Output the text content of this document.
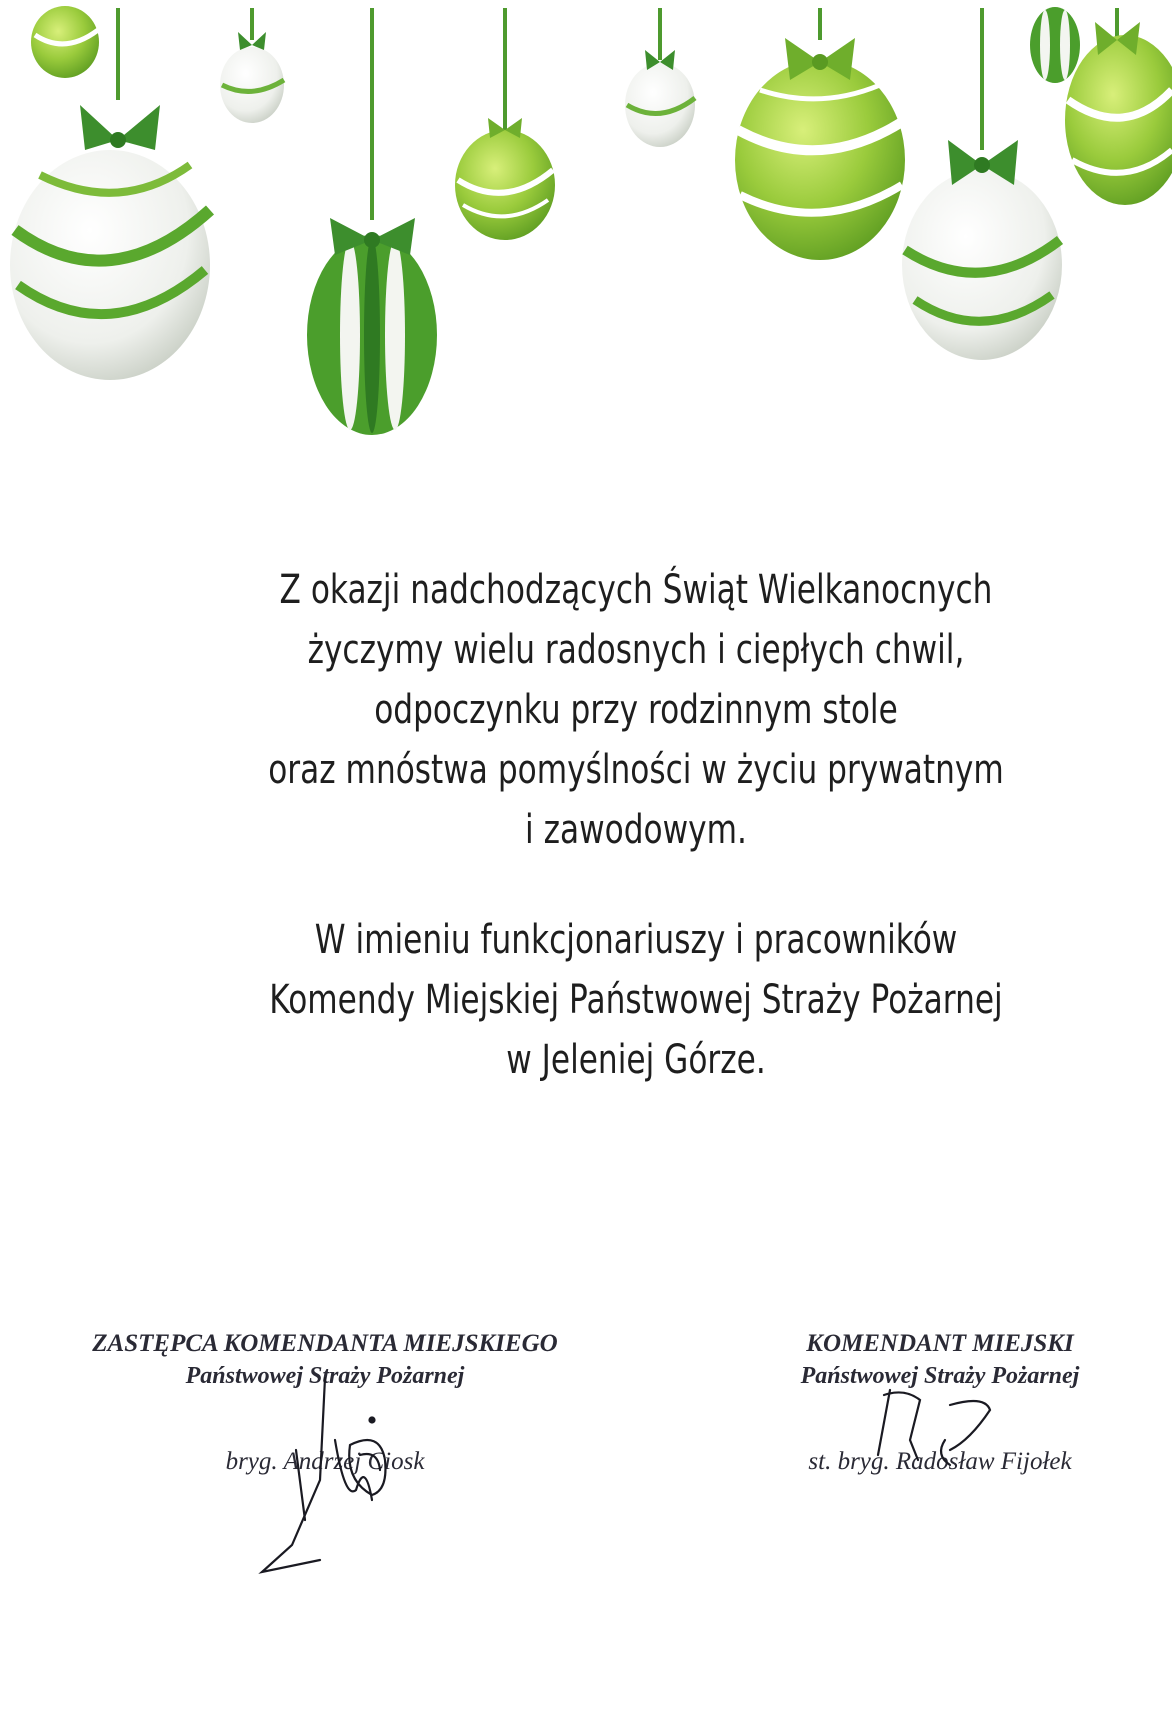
Z okazji nadchodzących Świąt Wielkanocnych
życzymy wielu radosnych i ciepłych chwil,
odpoczynku przy rodzinnym stole
oraz mnóstwa pomyślności w życiu prywatnym
i zawodowym.
W imieniu funkcjonariuszy i pracowników
Komendy Miejskiej Państwowej Straży Pożarnej
w Jeleniej Górze.
ZASTĘPCA KOMENDANTA MIEJSKIEGO
Państwowej Straży Pożarnej
bryg. Andrzej Ciosk
KOMENDANT MIEJSKI
Państwowej Straży Pożarnej
st. bryg. Radosław Fijołek
